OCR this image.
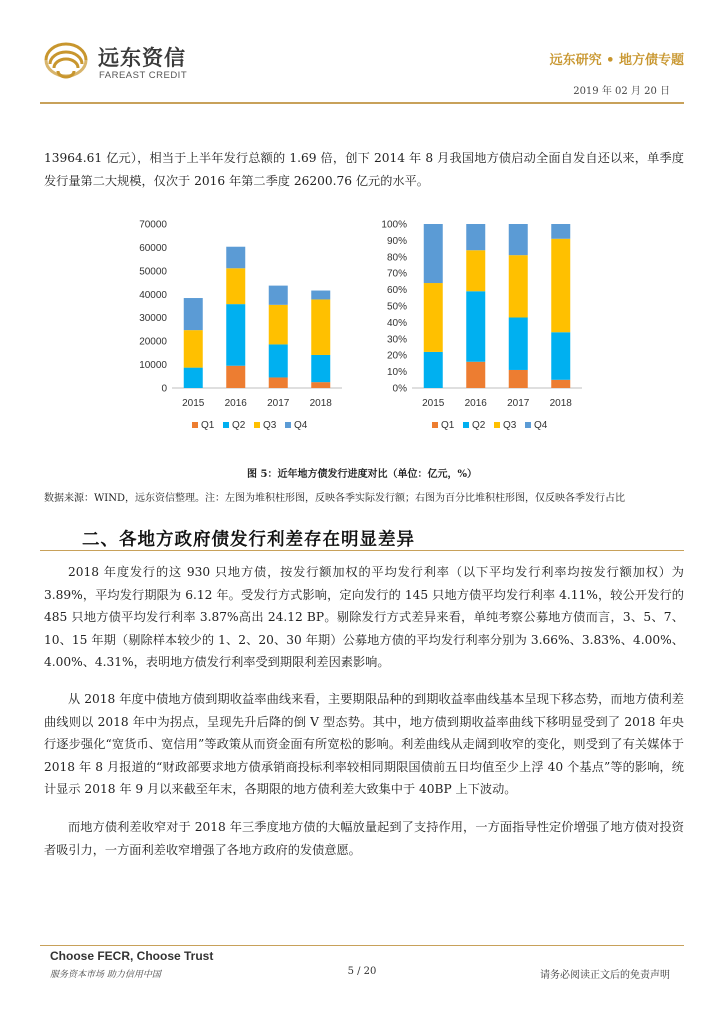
远东资信
FAREAST CREDIT
远东研究 • 地方债专题
2019 年 02 月 20 日
13964.61 亿元），相当于上半年发行总额的 1.69 倍，创下 2014 年 8 月我国地方债启动全面自发自还以来，单季度发行量第二大规模，仅次于 2016 年第二季度 26200.76 亿元的水平。
0
10000
20000
30000
40000
50000
60000
70000
2015 2016 2017 2018
Q1 Q2 Q3 Q4
0%
10%
20%
30%
40%
50%
60%
70%
80%
90%
100%
2015 2016 2017 2018
Q1 Q2 Q3 Q4
图 5：近年地方债发行进度对比（单位：亿元，%）
数据来源：WIND，远东资信整理。注：左图为堆积柱形图，反映各季实际发行额；右图为百分比堆积柱形图，仅反映各季发行占比
二、各地方政府债发行利差存在明显差异
2018 年度发行的这 930 只地方债，按发行额加权的平均发行利率（以下平均发行利率均按发行额加权）为 3.89%，平均发行期限为 6.12 年。受发行方式影响，定向发行的 145 只地方债平均发行利率 4.11%，较公开发行的 485 只地方债平均发行利率 3.87%高出 24.12 BP。剔除发行方式差异来看，单纯考察公募地方债而言，3、5、7、10、15 年期（剔除样本较少的 1、2、20、30 年期）公募地方债的平均发行利率分别为 3.66%、3.83%、4.00%、4.00%、4.31%，表明地方债发行利率受到期限利差因素影响。
从 2018 年度中债地方债到期收益率曲线来看，主要期限品种的到期收益率曲线基本呈现下移态势，而地方债利差曲线则以 2018 年中为拐点，呈现先升后降的倒 V 型态势。其中，地方债到期收益率曲线下移明显受到了 2018 年央行逐步强化“宽货币、宽信用”等政策从而资金面有所宽松的影响。利差曲线从走阔到收窄的变化，则受到了有关媒体于 2018 年 8 月报道的“财政部要求地方债承销商投标利率较相同期限国债前五日均值至少上浮 40 个基点”等的影响，统计显示 2018 年 9 月以来截至年末，各期限的地方债利差大致集中于 40BP 上下波动。
而地方债利差收窄对于 2018 年三季度地方债的大幅放量起到了支持作用，一方面指导性定价增强了地方债对投资者吸引力，一方面利差收窄增强了各地方政府的发债意愿。
Choose FECR, Choose Trust
服务资本市场 助力信用中国	5 / 20	请务必阅读正文后的免责声明
